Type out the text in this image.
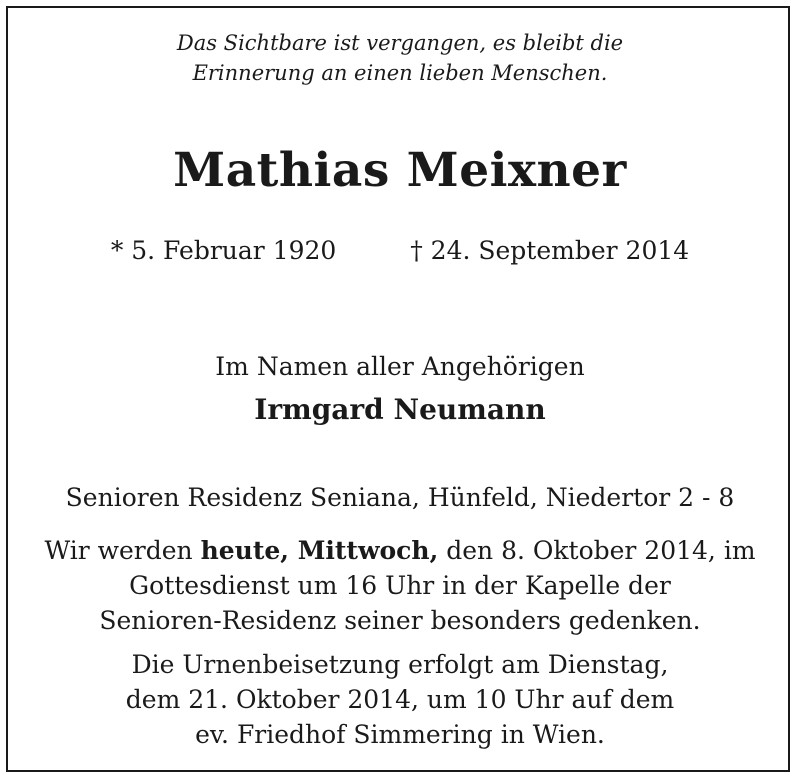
Das Sichtbare ist vergangen, es bleibt die
Erinnerung an einen lieben Menschen.
Mathias Meixner
* 5. Februar 1920	† 24. September 2014
Im Namen aller Angehörigen
Irmgard Neumann
Senioren Residenz Seniana, Hünfeld, Niedertor 2 - 8
Wir werden heute, Mittwoch, den 8. Oktober 2014, im
Gottesdienst um 16 Uhr in der Kapelle der
Senioren-Residenz seiner besonders gedenken.
Die Urnenbeisetzung erfolgt am Dienstag,
dem 21. Oktober 2014, um 10 Uhr auf dem
ev. Friedhof Simmering in Wien.
